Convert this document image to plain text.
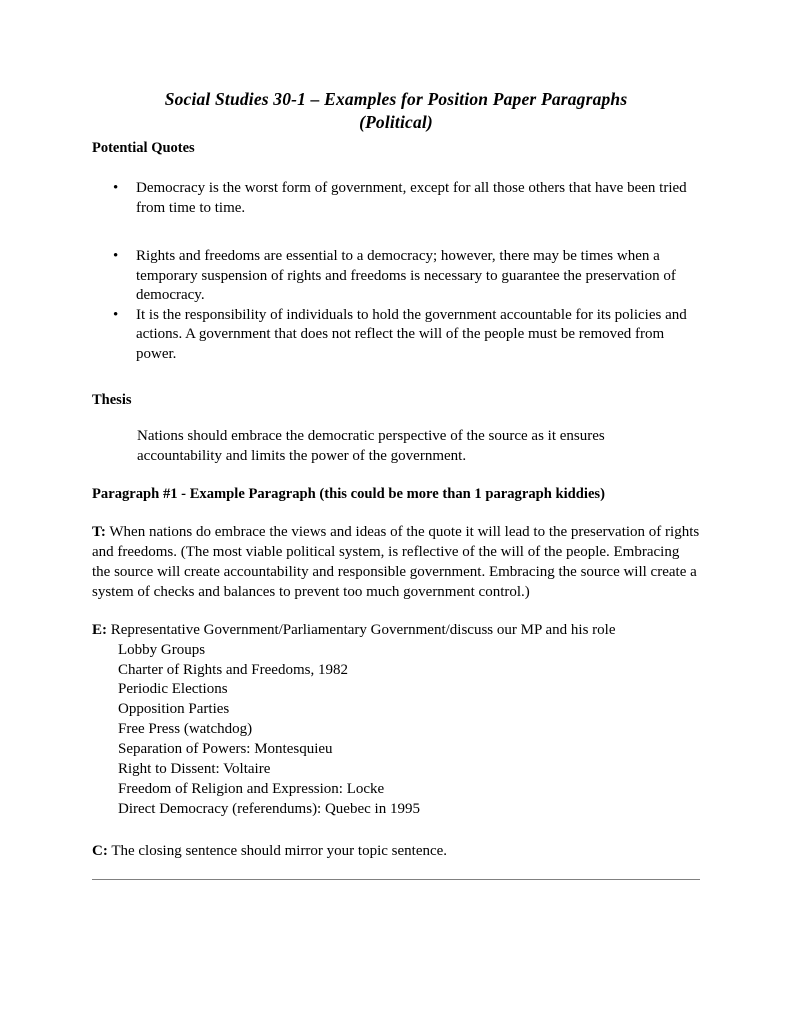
Social Studies 30-1 – Examples for Position Paper Paragraphs
(Political)
Potential Quotes
• Democracy is the worst form of government, except for all those others that have been tried from time to time.
• Rights and freedoms are essential to a democracy; however, there may be times when a temporary suspension of rights and freedoms is necessary to guarantee the preservation of democracy.
• It is the responsibility of individuals to hold the government accountable for its policies and actions. A government that does not reflect the will of the people must be removed from power.
Thesis

Nations should embrace the democratic perspective of the source as it ensures accountability and limits the power of the government.

Paragraph #1 - Example Paragraph (this could be more than 1 paragraph kiddies)

T: When nations do embrace the views and ideas of the quote it will lead to the preservation of rights and freedoms. (The most viable political system, is reflective of the will of the people. Embracing the source will create accountability and responsible government. Embracing the source will create a system of checks and balances to prevent too much government control.)

E: Representative Government/Parliamentary Government/discuss our MP and his role

Lobby Groups
Charter of Rights and Freedoms, 1982
Periodic Elections
Opposition Parties
Free Press (watchdog)
Separation of Powers: Montesquieu
Right to Dissent: Voltaire
Freedom of Religion and Expression: Locke
Direct Democracy (referendums): Quebec in 1995

C: The closing sentence should mirror your topic sentence.
